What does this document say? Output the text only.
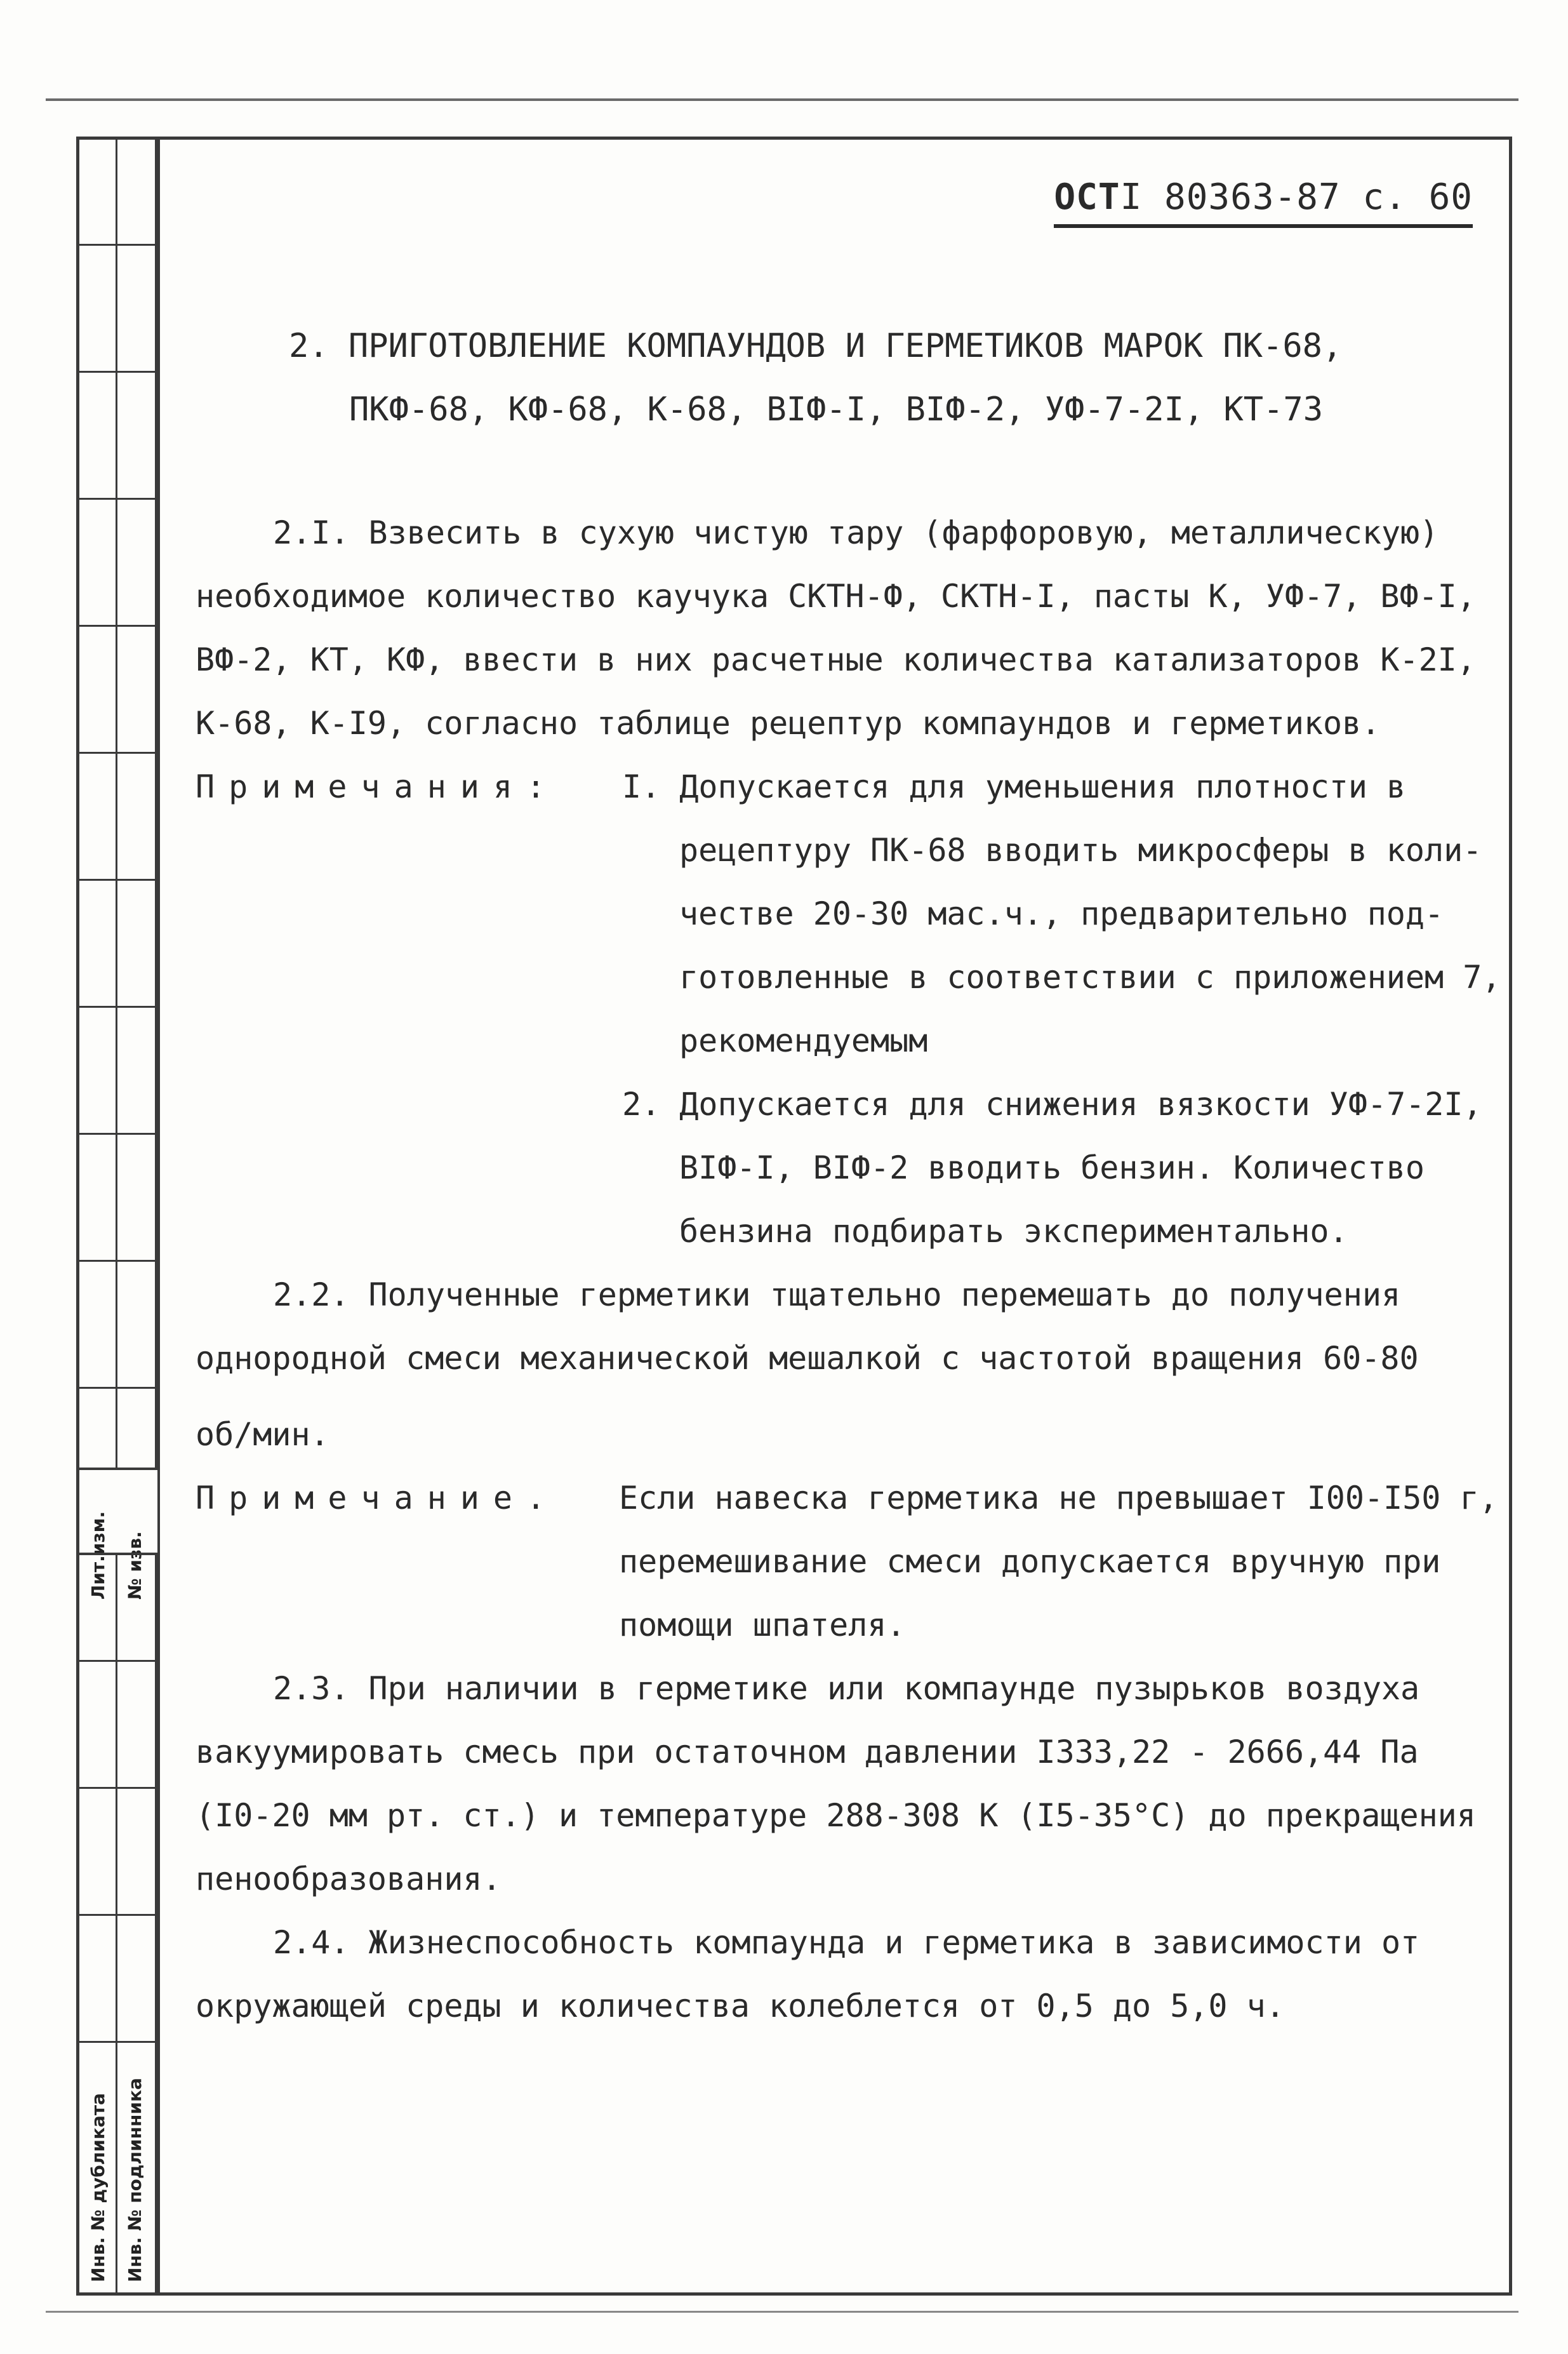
Лит.изм. № изв.
Инв. № дубликата Инв. № подлинника
ОСТI 80363-87 с. 60
2. ПРИГОТОВЛЕНИЕ КОМПАУНДОВ И ГЕРМЕТИКОВ МАРОК ПК-68,
ПКФ-68, КФ-68, К-68, ВІФ-І, ВІФ-2, УФ-7-2І, КТ-73
2.І. Взвесить в сухую чистую тару (фарфоровую, металлическую)
необходимое количество каучука СКТН-Ф, СКТН-І, пасты К, УФ-7, ВФ-І,
ВФ-2, КТ, КФ, ввести в них расчетные количества катализаторов К-2І,
К-68, К-І9, согласно таблице рецептур компаундов и герметиков.
Примечания: І. Допускается для уменьшения плотности в
рецептуру ПК-68 вводить микросферы в коли-
честве 20-30 мас.ч., предварительно под-
готовленные в соответствии с приложением 7,
рекомендуемым
2. Допускается для снижения вязкости УФ-7-2І,
ВІФ-І, ВІФ-2 вводить бензин. Количество
бензина подбирать экспериментально.
2.2. Полученные герметики тщательно перемешать до получения
однородной смеси механической мешалкой с частотой вращения 60-80
об/мин.
Примечание. Если навеска герметика не превышает І00-І50 г,
перемешивание смеси допускается вручную при
помощи шпателя.
2.3. При наличии в герметике или компаунде пузырьков воздуха
вакуумировать смесь при остаточном давлении І333,22 - 2666,44 Па
(І0-20 мм рт. ст.) и температуре 288-308 К (І5-35°С) до прекращения
пенообразования.
2.4. Жизнеспособность компаунда и герметика в зависимости от
окружающей среды и количества колеблется от 0,5 до 5,0 ч.
